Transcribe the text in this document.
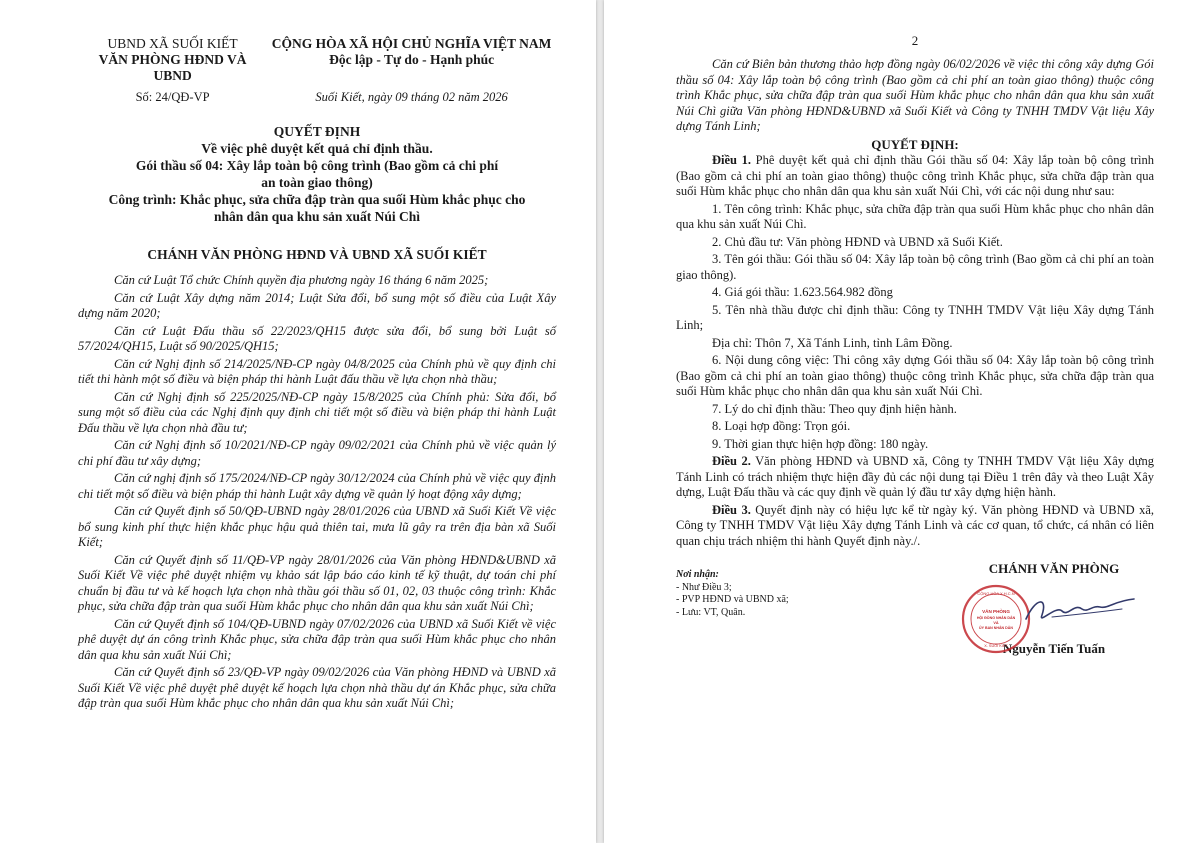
UBND XÃ SUỐI KIẾT
VĂN PHÒNG HĐND VÀ UBND
CỘNG HÒA XÃ HỘI CHỦ NGHĨA VIỆT NAM
Độc lập - Tự do - Hạnh phúc
Số: 24/QĐ-VP	Suối Kiết, ngày 09 tháng 02 năm 2026
QUYẾT ĐỊNH
Về việc phê duyệt kết quả chỉ định thầu.
Gói thầu số 04: Xây lắp toàn bộ công trình (Bao gồm cả chi phí
an toàn giao thông)
Công trình: Khắc phục, sửa chữa đập tràn qua suối Hùm khắc phục cho
nhân dân qua khu sản xuất Núi Chì
CHÁNH VĂN PHÒNG HĐND VÀ UBND XÃ SUỐI KIẾT

Căn cứ Luật Tổ chức Chính quyền địa phương ngày 16 tháng 6 năm 2025;

Căn cứ Luật Xây dựng năm 2014; Luật Sửa đổi, bổ sung một số điều của Luật Xây dựng năm 2020;

Căn cứ Luật Đấu thầu số 22/2023/QH15 được sửa đổi, bổ sung bởi Luật số 57/2024/QH15, Luật số 90/2025/QH15;

Căn cứ Nghị định số 214/2025/NĐ-CP ngày 04/8/2025 của Chính phủ về quy định chi tiết thi hành một số điều và biện pháp thi hành Luật đấu thầu về lựa chọn nhà thầu;

Căn cứ Nghị định số 225/2025/NĐ-CP ngày 15/8/2025 của Chính phủ: Sửa đổi, bổ sung một số điều của các Nghị định quy định chi tiết một số điều và biện pháp thi hành Luật Đấu thầu về lựa chọn nhà đầu tư;

Căn cứ Nghị định số 10/2021/NĐ-CP ngày 09/02/2021 của Chính phủ về việc quản lý chi phí đầu tư xây dựng;

Căn cứ nghị định số 175/2024/NĐ-CP ngày 30/12/2024 của Chính phủ về việc quy định chi tiết một số điều và biện pháp thi hành Luật xây dựng về quản lý hoạt động xây dựng;

Căn cứ Quyết định số 50/QĐ-UBND ngày 28/01/2026 của UBND xã Suối Kiết Về việc bổ sung kinh phí thực hiện khắc phục hậu quả thiên tai, mưa lũ gây ra trên địa bàn xã Suối Kiết;

Căn cứ Quyết định số 11/QĐ-VP ngày 28/01/2026 của Văn phòng HĐND&UBND xã Suối Kiết Về việc phê duyệt nhiệm vụ khảo sát lập báo cáo kinh tế kỹ thuật, dự toán chi phí chuẩn bị đầu tư và kế hoạch lựa chọn nhà thầu gói thầu số 01, 02, 03 thuộc công trình: Khắc phục, sửa chữa đập tràn qua suối Hùm khắc phục cho nhân dân qua khu sản xuất Núi Chì;

Căn cứ Quyết định số 104/QĐ-UBND ngày 07/02/2026 của UBND xã Suối Kiết về việc phê duyệt dự án công trình Khắc phục, sửa chữa đập tràn qua suối Hùm khắc phục cho nhân dân qua khu sản xuất Núi Chì;

Căn cứ Quyết định số 23/QĐ-VP ngày 09/02/2026 của Văn phòng HĐND và UBND xã Suối Kiết Về việc phê duyệt phê duyệt kế hoạch lựa chọn nhà thầu dự án Khắc phục, sửa chữa đập tràn qua suối Hùm khắc phục cho nhân dân qua khu sản xuất Núi Chì;

2

Căn cứ Biên bản thương thảo hợp đồng ngày 06/02/2026 về việc thi công xây dựng Gói thầu số 04: Xây lắp toàn bộ công trình (Bao gồm cả chi phí an toàn giao thông) thuộc công trình Khắc phục, sửa chữa đập tràn qua suối Hùm khắc phục cho nhân dân qua khu sản xuất Núi Chì giữa Văn phòng HĐND&UBND xã Suối Kiết và Công ty TNHH TMDV Vật liệu Xây dựng Tánh Linh;

QUYẾT ĐỊNH:

Điều 1. Phê duyệt kết quả chỉ định thầu Gói thầu số 04: Xây lắp toàn bộ công trình (Bao gồm cả chi phí an toàn giao thông) thuộc công trình Khắc phục, sửa chữa đập tràn qua suối Hùm khắc phục cho nhân dân qua khu sản xuất Núi Chì, với các nội dung như sau:

1. Tên công trình: Khắc phục, sửa chữa đập tràn qua suối Hùm khắc phục cho nhân dân qua khu sản xuất Núi Chì.

2. Chủ đầu tư: Văn phòng HĐND và UBND xã Suối Kiết.

3. Tên gói thầu: Gói thầu số 04: Xây lắp toàn bộ công trình (Bao gồm cả chi phí an toàn giao thông).

4. Giá gói thầu: 1.623.564.982 đồng

5. Tên nhà thầu được chỉ định thầu: Công ty TNHH TMDV Vật liệu Xây dựng Tánh Linh;

Địa chỉ: Thôn 7, Xã Tánh Linh, tỉnh Lâm Đồng.

6. Nội dung công việc: Thi công xây dựng Gói thầu số 04: Xây lắp toàn bộ công trình (Bao gồm cả chi phí an toàn giao thông) thuộc công trình Khắc phục, sửa chữa đập tràn qua suối Hùm khắc phục cho nhân dân qua khu sản xuất Núi Chì.

7. Lý do chỉ định thầu: Theo quy định hiện hành.

8. Loại hợp đồng: Trọn gói.

9. Thời gian thực hiện hợp đồng: 180 ngày.

Điều 2. Văn phòng HĐND và UBND xã, Công ty TNHH TMDV Vật liệu Xây dựng Tánh Linh có trách nhiệm thực hiện đầy đủ các nội dung tại Điều 1 trên đây và theo Luật Xây dựng, Luật Đấu thầu và các quy định về quản lý đầu tư xây dựng hiện hành.

Điều 3. Quyết định này có hiệu lực kể từ ngày ký. Văn phòng HĐND và UBND xã, Công ty TNHH TMDV Vật liệu Xây dựng Tánh Linh và các cơ quan, tổ chức, cá nhân có liên quan chịu trách nhiệm thi hành Quyết định này./.

Nơi nhận:
- Như Điều 3;
- PVP HĐND và UBND xã;
- Lưu: VT, Quân.
CHÁNH VĂN PHÒNG
VĂN PHÒNG
HỘI ĐỒNG NHÂN DÂN
VÀ
ỦY BAN NHÂN DÂN
CỘNG HÒA X.H.C.N
X. SUỐI KIẾT
Nguyễn Tiến Tuấn
